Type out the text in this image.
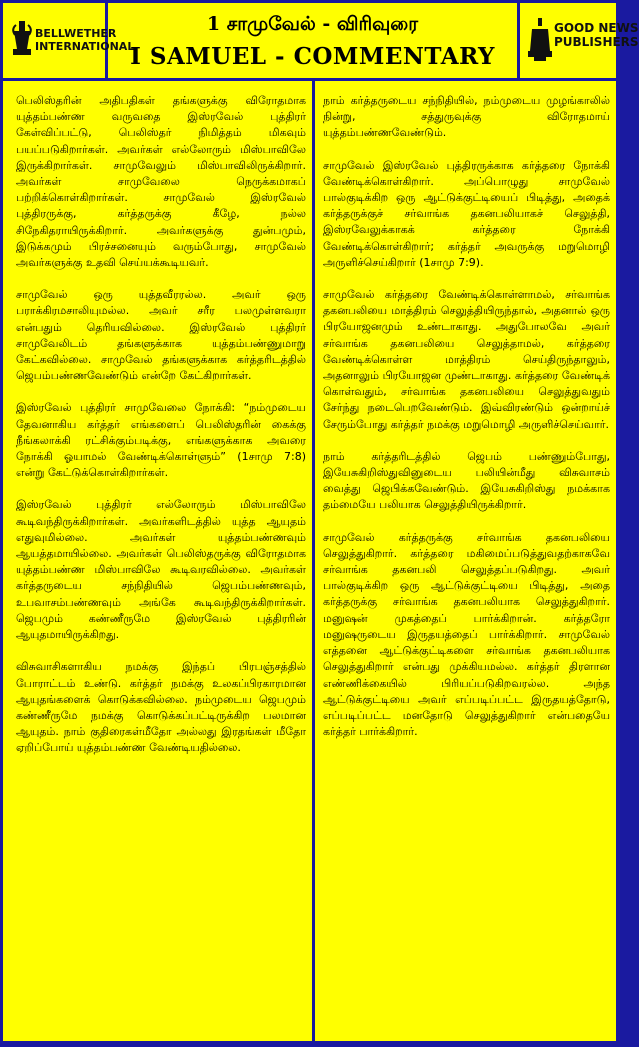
BELLWETHER
INTERNATIONAL
1 சாமுவேல் - விரிவுரை
I SAMUEL - COMMENTARY
GOOD NEWS
PUBLISHERS

பெலிஸ்தரின் அதிபதிகள் தங்களுக்கு விரோதமாக யுத்தம்பண்ண வருவதை இஸ்ரவேல் புத்திரர் கேள்விப்பட்டு, பெலிஸ்தர் நிமித்தம் மிகவும் பயப்படுகிறார்கள். அவர்கள் எல்லோரும் மிஸ்பாவிலே இருக்கிறார்கள். சாமுவேலும் மிஸ்பாவிலிருக்கிறார். அவர்கள் சாமுவேலை நெருக்கமாகப் பற்றிக்கொள்கிறார்கள். சாமுவேல் இஸ்ரவேல் புத்திரருக்கு, கர்த்தருக்கு கீழே, நல்ல சிநேகிதராயிருக்கிறார். அவர்களுக்கு துன்பமும், இடுக்கமும் பிரச்சனையும் வரும்போது, சாமுவேல் அவர்களுக்கு உதவி செய்யக்கூடியவர்.

சாமுவேல் ஒரு யுத்தவீரரல்ல. அவர் ஒரு பராக்கிரமசாலியுமல்ல. அவர் சரீர பலமுள்ளவரா என்பதும் தெரியவில்லை. இஸ்ரவேல் புத்திரர் சாமுவேலிடம் தங்களுக்காக யுத்தம்பண்ணுமாறு கேட்கவில்லை. சாமுவேல் தங்களுக்காக கர்த்தரிடத்தில் ஜெபம்பண்ணவேண்டும் என்றே கேட்கிறார்கள்.

இஸ்ரவேல் புத்திரர் சாமுவேலை நோக்கி: “நம்முடைய தேவனாகிய கர்த்தர் எங்களைப் பெலிஸ்தரின் கைக்கு நீங்கலாக்கி ரட்சிக்கும்படிக்கு, எங்களுக்காக அவரை நோக்கி ஓயாமல் வேண்டிக்கொள்ளும்” (1சாமு 7:8) என்று கேட்டுக்கொள்கிறார்கள்.

இஸ்ரவேல் புத்திரர் எல்லோரும் மிஸ்பாவிலே கூடிவந்திருக்கிறார்கள். அவர்களிடத்தில் யுத்த ஆயுதம் எதுவுமில்லை. அவர்கள் யுத்தம்பண்ணவும் ஆயத்தமாயில்லை. அவர்கள் பெலிஸ்தருக்கு விரோதமாக யுத்தம்பண்ண மிஸ்பாவிலே கூடிவரவில்லை. அவர்கள் கர்த்தருடைய சந்நிதியில் ஜெபம்பண்ணவும், உபவாசம்பண்ணவும் அங்கே கூடிவந்திருக்கிறார்கள். ஜெபமும் கண்ணீருமே இஸ்ரவேல் புத்திரரின் ஆயுதமாயிருக்கிறது.

விசுவாசிகளாகிய நமக்கு இந்தப் பிரபஞ்சத்தில் போராட்டம் உண்டு. கர்த்தர் நமக்கு உலகப்பிரகாரமான ஆயுதங்களைக் கொடுக்கவில்லை. நம்முடைய ஜெபமும் கண்ணீருமே நமக்கு கொடுக்கப்பட்டிருக்கிற பலமான ஆயுதம். நாம் குதிரைகள்மீதோ அல்லது இரதங்கள் மீதோ ஏறிப்போய் யுத்தம்பண்ண வேண்டியதில்லை.

நாம் கர்த்தருடைய சந்நிதியில், நம்முடைய முழங்காலில் நின்று, சத்துருவுக்கு விரோதமாய் யுத்தம்பண்ணவேண்டும்.

சாமுவேல் இஸ்ரவேல் புத்திரருக்காக கர்த்தரை நோக்கி வேண்டிக்கொள்கிறார். அப்பொழுது சாமுவேல் பால்குடிக்கிற ஒரு ஆட்டுக்குட்டியைப் பிடித்து, அதைக் கர்த்தருக்குச் சர்வாங்க தகனபலியாகச் செலுத்தி, இஸ்ரவேலுக்காகக் கர்த்தரை நோக்கி வேண்டிக்கொள்கிறார்; கர்த்தர் அவருக்கு மறுமொழி அருளிச்செய்கிறார் (1சாமு 7:9).

சாமுவேல் கர்த்தரை வேண்டிக்கொள்ளாமல், சர்வாங்க தகனபலியை மாத்திரம் செலுத்தியிருந்தால், அதனால் ஒரு பிரயோஜனமும் உண்டாகாது. அதுபோலவே அவர் சர்வாங்க தகனபலியை செலுத்தாமல், கர்த்தரை வேண்டிக்கொள்ள மாத்திரம் செய்திருந்தாலும், அதனாலும் பிரயோஜன முண்டாகாது. கர்த்தரை வேண்டிக் கொள்வதும், சர்வாங்க தகனபலியை செலுத்துவதும் சேர்ந்து நடைபெறவேண்டும். இவ்விரண்டும் ஒன்றாய்ச் சேரும்போது கர்த்தர் நமக்கு மறுமொழி அருளிச்செய்வார்.

நாம் கர்த்தரிடத்தில் ஜெபம் பண்ணும்போது, இயேசுகிறிஸ்துவினுடைய பலியின்மீது விசுவாசம் வைத்து ஜெபிக்கவேண்டும். இயேசுகிறிஸ்து நமக்காக தம்மையே பலியாக செலுத்தியிருக்கிறார்.

சாமுவேல் கர்த்தருக்கு சர்வாங்க தகனபலியை செலுத்துகிறார். கர்த்தரை மகிமைப்படுத்துவதற்காகவே சர்வாங்க தகனபலி செலுத்தப்படுகிறது. அவர் பால்குடிக்கிற ஒரு ஆட்டுக்குட்டியை பிடித்து, அதை கர்த்தருக்கு சர்வாங்க தகனபலியாக செலுத்துகிறார். மனுஷன் முகத்தைப் பார்க்கிறான். கர்த்தரோ மனுஷருடைய இருதயத்தைப் பார்க்கிறார். சாமுவேல் எத்தனை ஆட்டுக்குட்டிகளை சர்வாங்க தகனபலியாக செலுத்துகிறார் என்பது முக்கியமல்ல. கர்த்தர் திரளான எண்ணிக்கையில் பிரியப்படுகிறவரல்ல. அந்த ஆட்டுக்குட்டியை அவர் எப்படிப்பட்ட இருதயத்தோடு, எப்படிப்பட்ட மனதோடு செலுத்துகிறார் என்பதையே கர்த்தர் பார்க்கிறார்.
